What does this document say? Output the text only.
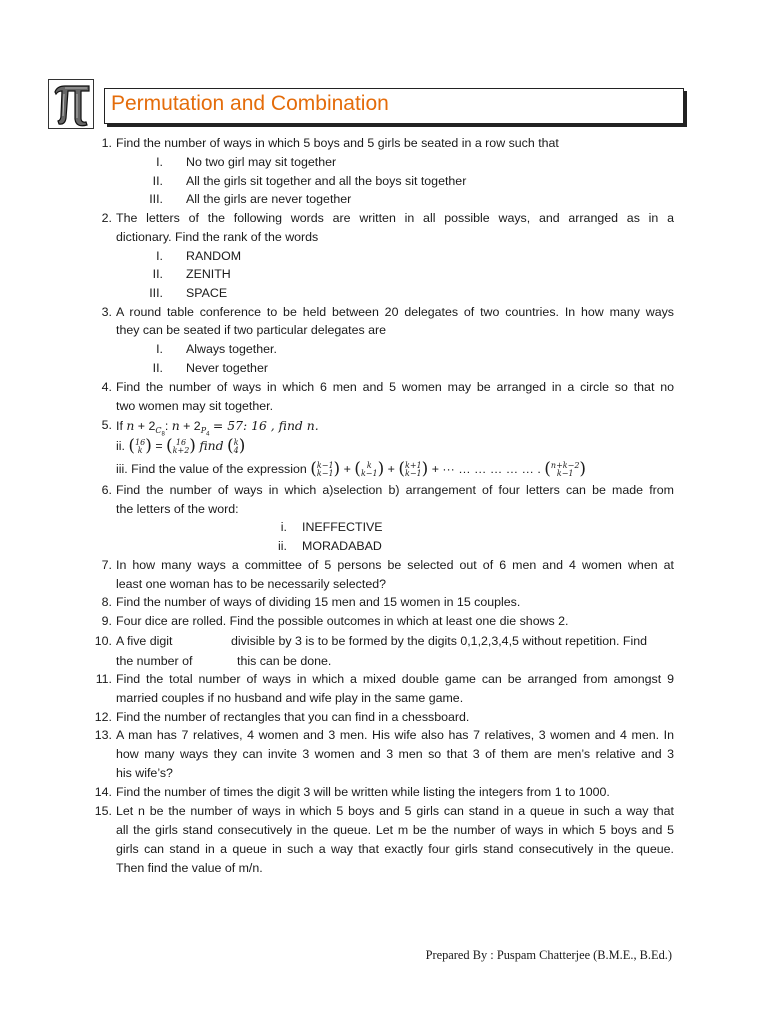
Permutation and Combination
1. Find the number of ways in which 5 boys and 5 girls be seated in a row such that
I. No two girl may sit together
II. All the girls sit together and all the boys sit together
III. All the girls are never together
2. The letters of the following words are written in all possible ways, and arranged as in a
dictionary. Find the rank of the words
I. RANDOM
II. ZENITH
III. SPACE
3. A round table conference to be held between 20 delegates of two countries. In how many ways
they can be seated if two particular delegates are
I. Always together.
II. Never together
4. Find the number of ways in which 6 men and 5 women may be arranged in a circle so that no
two women may sit together.
5. If $n + 2_{C_8}$: $n + 2_{P_4} = 57$: 16 , find n.
ii. (16
k ) = ( 16
k+2) find (k
4)
iii. Find the value of the expression (k−1
k−1) + ( k
k−1) + (k+1
k−1) + ··· … … … … … . (n+k−2
k−1 )
6. Find the number of ways in which a)selection b) arrangement of four letters can be made from
the letters of the word:
i. INEFFECTIVE
ii. MORADABAD
7. In how many ways a committee of 5 persons be selected out of 6 men and 4 women when at
least one woman has to be necessarily selected?
8. Find the number of ways of dividing 15 men and 15 women in 15 couples.
9. Four dice are rolled. Find the possible outcomes in which at least one die shows 2.
10. A five digit	divisible by 3 is to be formed by the digits 0,1,2,3,4,5 without repetition. Find
the number of	this can be done.
11. Find the total number of ways in which a mixed double game can be arranged from amongst 9
married couples if no husband and wife play in the same game.
12. Find the number of rectangles that you can find in a chessboard.
13. A man has 7 relatives, 4 women and 3 men. His wife also has 7 relatives, 3 women and 4 men. In
how many ways they can invite 3 women and 3 men so that 3 of them are men’s relative and 3
his wife’s?
14. Find the number of times the digit 3 will be written while listing the integers from 1 to 1000.
15. Let n be the number of ways in which 5 boys and 5 girls can stand in a queue in such a way that
all the girls stand consecutively in the queue. Let m be the number of ways in which 5 boys and 5
girls can stand in a queue in such a way that exactly four girls stand consecutively in the queue.
Then find the value of m/n.
Prepared By : Puspam Chatterjee (B.M.E., B.Ed.)
